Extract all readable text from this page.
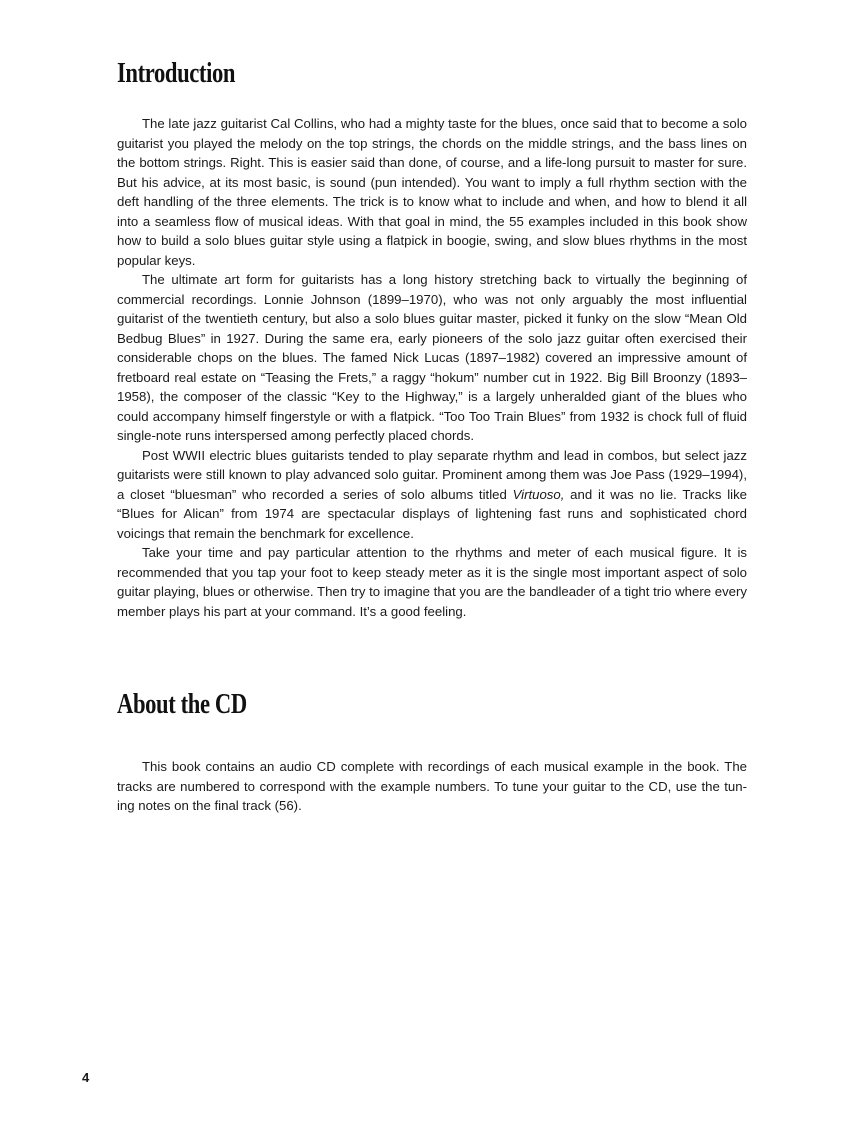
Introduction

The late jazz guitarist Cal Collins, who had a mighty taste for the blues, once said that to become a solo guitarist you played the melody on the top strings, the chords on the middle strings, and the bass lines on the bottom strings. Right. This is easier said than done, of course, and a life-long pursuit to master for sure. But his advice, at its most basic, is sound (pun intended). You want to imply a full rhythm section with the deft handling of the three elements. The trick is to know what to include and when, and how to blend it all into a seamless flow of musical ideas. With that goal in mind, the 55 examples included in this book show how to build a solo blues guitar style using a flatpick in boogie, swing, and slow blues rhythms in the most popular keys.

The ultimate art form for guitarists has a long history stretching back to virtually the beginning of commercial recordings. Lonnie Johnson (1899–1970), who was not only arguably the most influential guitarist of the twentieth century, but also a solo blues guitar master, picked it funky on the slow “Mean Old Bedbug Blues” in 1927. During the same era, early pioneers of the solo jazz guitar often exercised their considerable chops on the blues. The famed Nick Lucas (1897–1982) covered an impressive amount of fretboard real estate on “Teasing the Frets,” a raggy “hokum” number cut in 1922. Big Bill Broonzy (1893–1958), the composer of the classic “Key to the Highway,” is a largely unheralded giant of the blues who could accompany himself fingerstyle or with a flatpick. “Too Too Train Blues” from 1932 is chock full of fluid single-note runs interspersed among perfectly placed chords.

Post WWII electric blues guitarists tended to play separate rhythm and lead in combos, but select jazz guitarists were still known to play advanced solo guitar. Prominent among them was Joe Pass (1929–1994), a closet “bluesman” who recorded a series of solo albums titled Virtuoso, and it was no lie. Tracks like “Blues for Alican” from 1974 are spectacular displays of lightening fast runs and sophisticated chord voicings that remain the benchmark for excellence.

Take your time and pay particular attention to the rhythms and meter of each musical figure. It is recommended that you tap your foot to keep steady meter as it is the single most important aspect of solo guitar playing, blues or otherwise. Then try to imagine that you are the bandleader of a tight trio where every member plays his part at your command. It’s a good feeling.

About the CD

This book contains an audio CD complete with recordings of each musical example in the book. The tracks are numbered to correspond with the example numbers. To tune your guitar to the CD, use the tun-ing notes on the final track (56).

4
